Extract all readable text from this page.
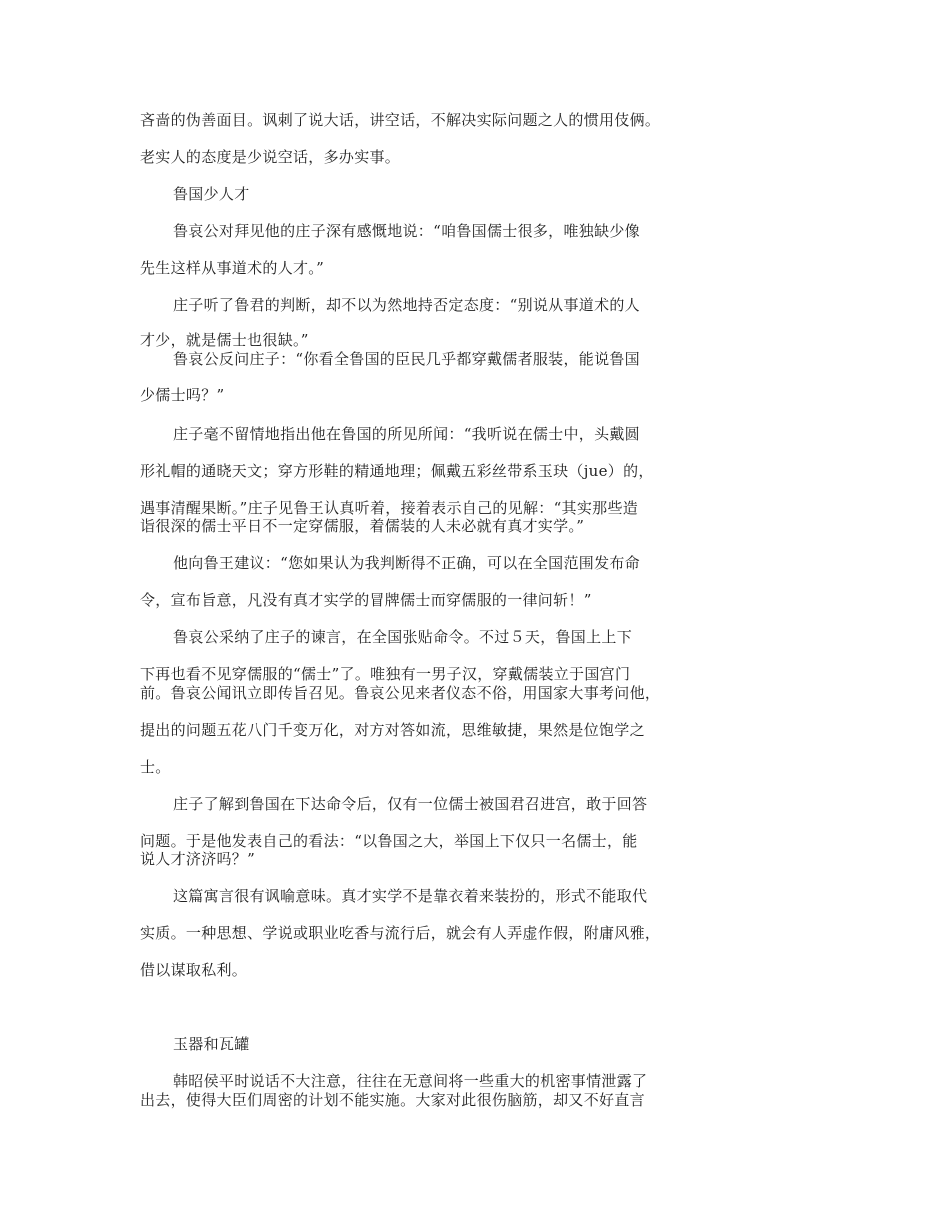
吝啬的伪善面目。讽刺了说大话，讲空话，不解决实际问题之人的惯用伎俩。
老实人的态度是少说空话，多办实事。
鲁国少人才
鲁哀公对拜见他的庄子深有感慨地说：“咱鲁国儒士很多，唯独缺少像
先生这样从事道术的人才。”
庄子听了鲁君的判断，却不以为然地持否定态度：“别说从事道术的人
才少，就是儒士也很缺。”
鲁哀公反问庄子：“你看全鲁国的臣民几乎都穿戴儒者服装，能说鲁国
少儒士吗？”
庄子毫不留情地指出他在鲁国的所见所闻：“我听说在儒士中，头戴圆
形礼帽的通晓天文；穿方形鞋的精通地理；佩戴五彩丝带系玉玦（jue）的，
遇事清醒果断。”庄子见鲁王认真听着，接着表示自己的见解：“其实那些造
诣很深的儒士平日不一定穿儒服，着儒装的人未必就有真才实学。”
他向鲁王建议：“您如果认为我判断得不正确，可以在全国范围发布命
令，宣布旨意，凡没有真才实学的冒牌儒士而穿儒服的一律问斩！”
鲁哀公采纳了庄子的谏言，在全国张贴命令。不过５天，鲁国上上下
下再也看不见穿儒服的“儒士”了。唯独有一男子汉，穿戴儒装立于国宫门
前。鲁哀公闻讯立即传旨召见。鲁哀公见来者仪态不俗，用国家大事考问他，
提出的问题五花八门千变万化，对方对答如流，思维敏捷，果然是位饱学之
士。
庄子了解到鲁国在下达命令后，仅有一位儒士被国君召进宫，敢于回答
问题。于是他发表自己的看法：“以鲁国之大，举国上下仅只一名儒士，能
说人才济济吗？”
这篇寓言很有讽喻意味。真才实学不是靠衣着来装扮的，形式不能取代
实质。一种思想、学说或职业吃香与流行后，就会有人弄虚作假，附庸风雅，
借以谋取私利。
玉器和瓦罐
韩昭侯平时说话不大注意，往往在无意间将一些重大的机密事情泄露了
出去，使得大臣们周密的计划不能实施。大家对此很伤脑筋，却又不好直言
